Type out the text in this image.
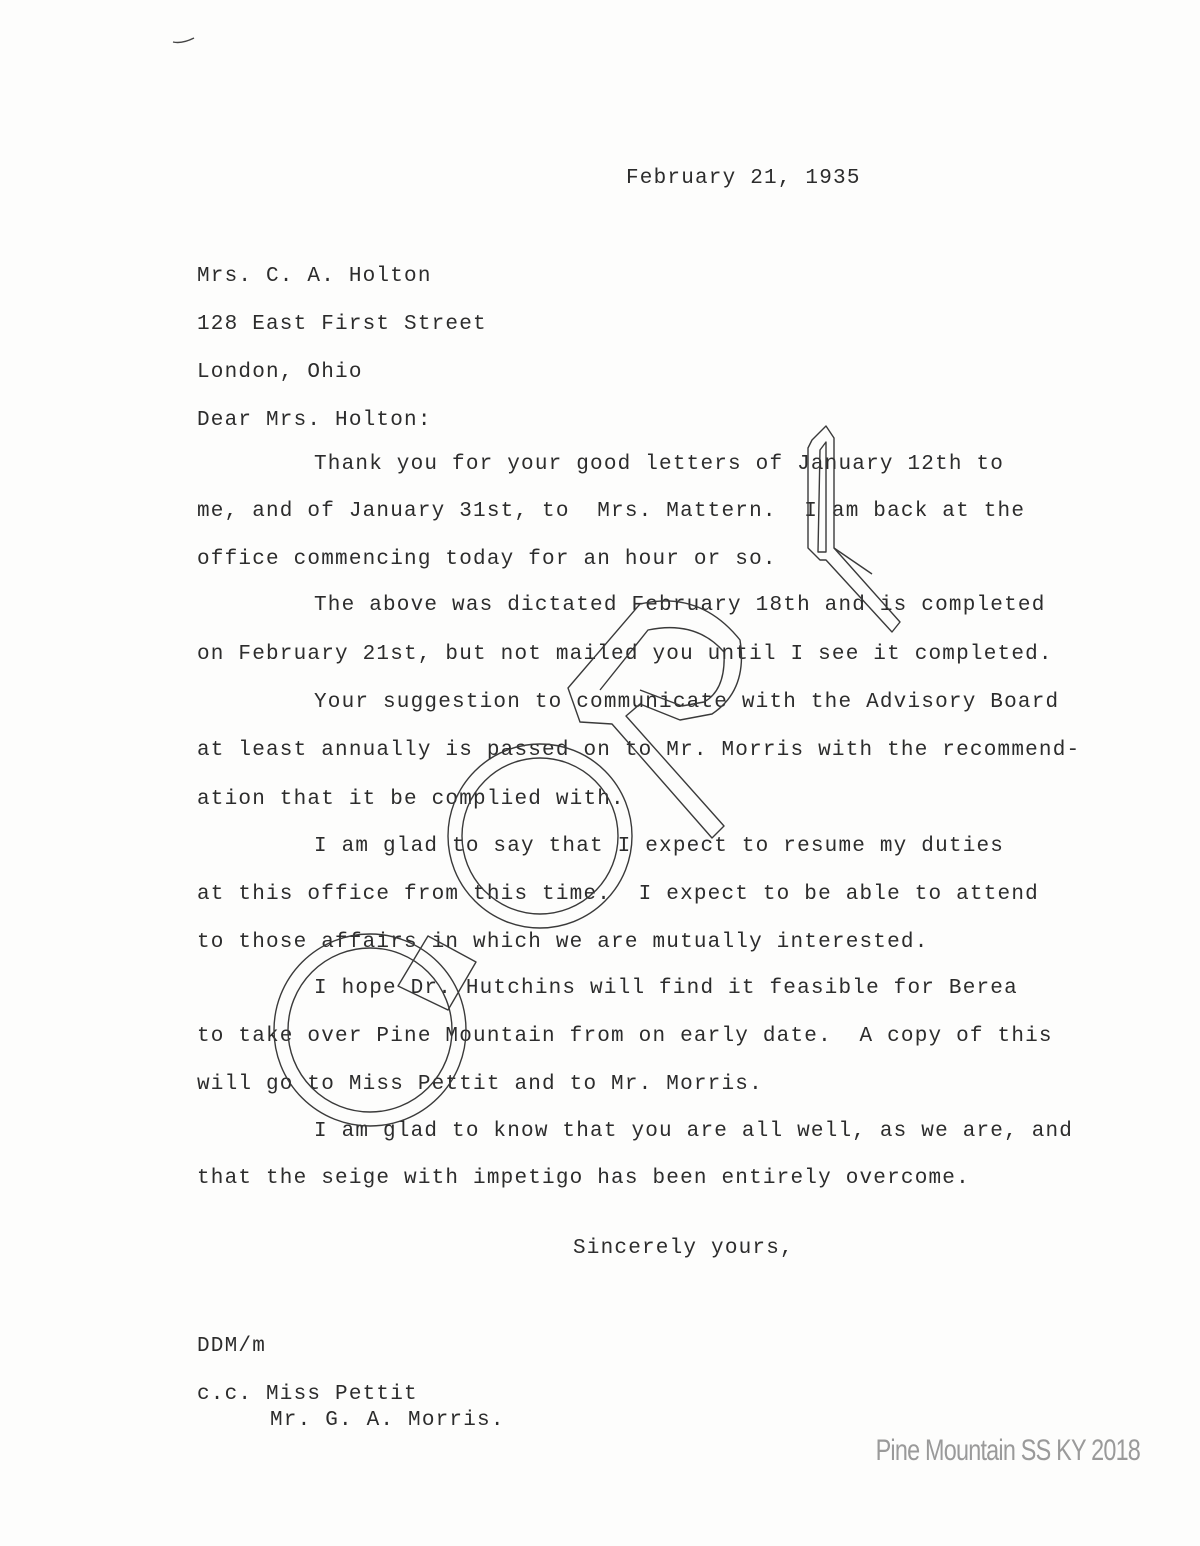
February 21, 1935
Mrs. C. A. Holton
128 East First Street
London, Ohio
Dear Mrs. Holton:
Thank you for your good letters of January 12th to
me, and of January 31st, to  Mrs. Mattern.  I am back at the
office commencing today for an hour or so.
The above was dictated February 18th and is completed
on February 21st, but not mailed you until I see it completed.
Your suggestion to communicate with the Advisory Board
at least annually is passed on to Mr. Morris with the recommend-
ation that it be complied with.
I am glad to say that I expect to resume my duties
at this office from this time.  I expect to be able to attend
to those affairs in which we are mutually interested.
I hope Dr. Hutchins will find it feasible for Berea
to take over Pine Mountain from on early date.  A copy of this
will go to Miss Pettit and to Mr. Morris.
I am glad to know that you are all well, as we are, and
that the seige with impetigo has been entirely overcome.
Sincerely yours,
DDM/m
c.c. Miss Pettit
Mr. G. A. Morris.
Pine Mountain SS KY 2018
